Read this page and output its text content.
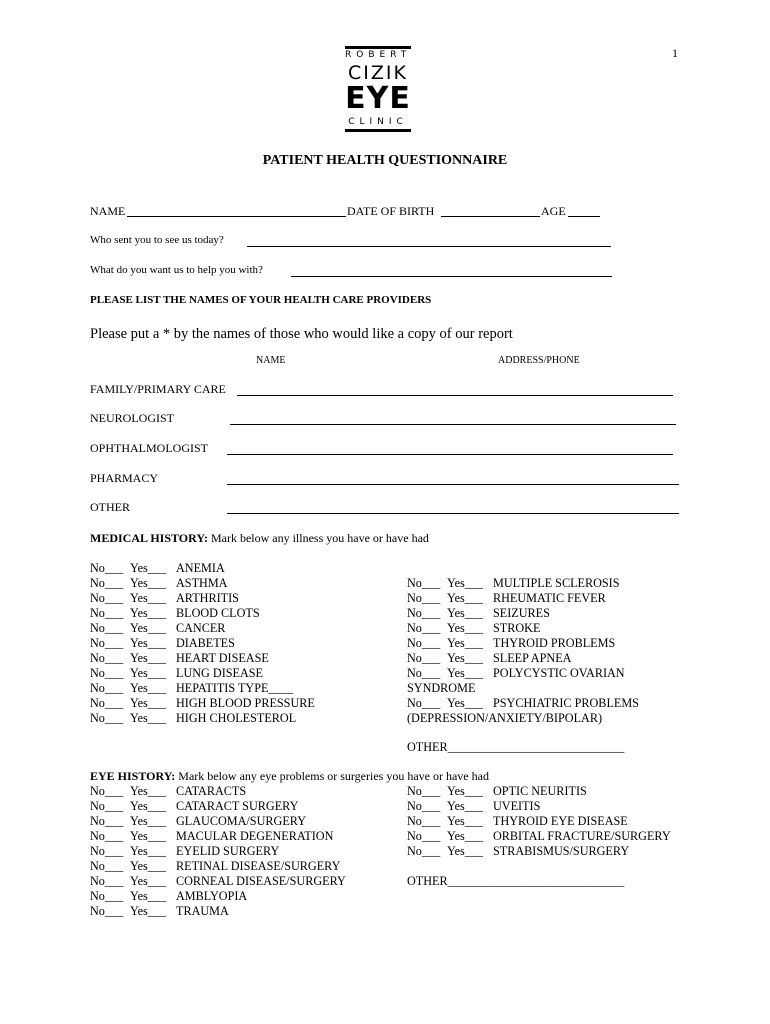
1
ROBERT
CIZIK
EYE
CLINIC
PATIENT HEALTH QUESTIONNAIRE
NAME	DATE OF BIRTH	AGE
Who sent you to see us today?
What do you want us to help you with?
PLEASE LIST THE NAMES OF YOUR HEALTH CARE PROVIDERS
Please put a * by the names of those who would like a copy of our report
NAME	ADDRESS/PHONE
FAMILY/PRIMARY CARE
NEUROLOGIST
OPHTHALMOLOGIST
PHARMACY
OTHER
MEDICAL HISTORY: Mark below any illness you have or have had
No___ Yes___ ANEMIA
No___ Yes___ ASTHMA
No___ Yes___ ARTHRITIS
No___ Yes___ BLOOD CLOTS
No___ Yes___ CANCER
No___ Yes___ DIABETES
No___ Yes___ HEART DISEASE
No___ Yes___ LUNG DISEASE
No___ Yes___ HEPATITIS TYPE____
No___ Yes___ HIGH BLOOD PRESSURE
No___ Yes___ HIGH CHOLESTEROL
No___ Yes___ MULTIPLE SCLEROSIS
No___ Yes___ RHEUMATIC FEVER
No___ Yes___ SEIZURES
No___ Yes___ STROKE
No___ Yes___ THYROID PROBLEMS
No___ Yes___ SLEEP APNEA
No___ Yes___ POLYCYSTIC OVARIAN
SYNDROME
No___ Yes___ PSYCHIATRIC PROBLEMS
(DEPRESSION/ANXIETY/BIPOLAR)
OTHER_____________________________
EYE HISTORY: Mark below any eye problems or surgeries you have or have had
No___ Yes___ CATARACTS
No___ Yes___ CATARACT SURGERY
No___ Yes___ GLAUCOMA/SURGERY
No___ Yes___ MACULAR DEGENERATION
No___ Yes___ EYELID SURGERY
No___ Yes___ RETINAL DISEASE/SURGERY
No___ Yes___ CORNEAL DISEASE/SURGERY
No___ Yes___ AMBLYOPIA
No___ Yes___ TRAUMA
No___ Yes___ OPTIC NEURITIS
No___ Yes___ UVEITIS
No___ Yes___ THYROID EYE DISEASE
No___ Yes___ ORBITAL FRACTURE/SURGERY
No___ Yes___ STRABISMUS/SURGERY
OTHER_____________________________
